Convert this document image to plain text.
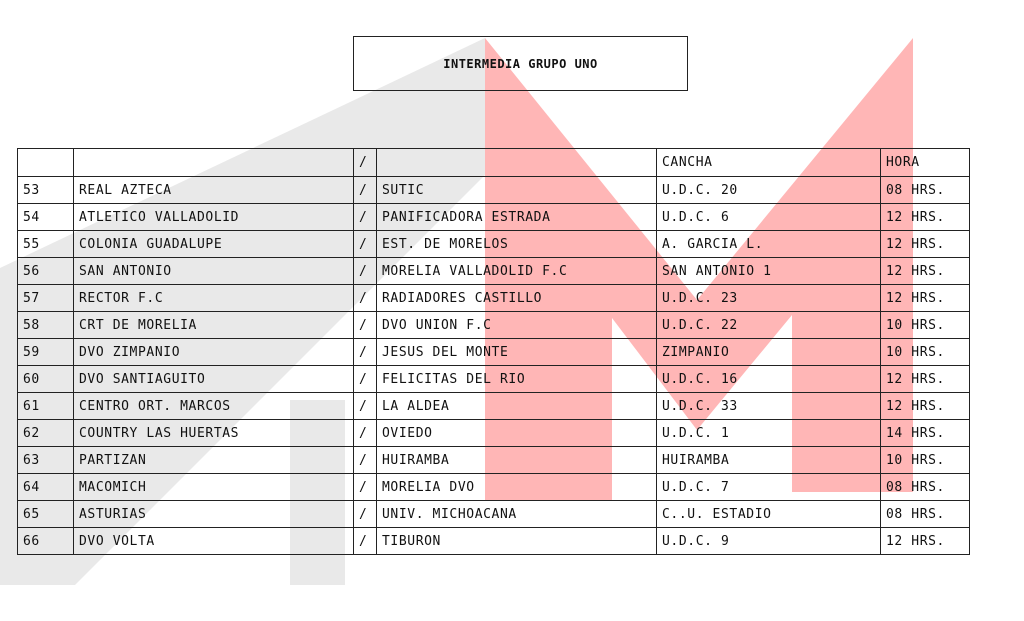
INTERMEDIA GRUPO UNO
		/		CANCHA	HORA
53	REAL AZTECA	/	SUTIC	U.D.C. 20	08 HRS.
54	ATLETICO VALLADOLID	/	PANIFICADORA ESTRADA	U.D.C. 6	12 HRS.
55	COLONIA GUADALUPE	/	EST. DE MORELOS	A. GARCIA L.	12 HRS.
56	SAN ANTONIO	/	MORELIA VALLADOLID F.C	SAN ANTONIO 1	12 HRS.
57	RECTOR F.C	/	RADIADORES CASTILLO	U.D.C. 23	12 HRS.
58	CRT DE MORELIA	/	DVO UNION F.C	U.D.C. 22	10 HRS.
59	DVO ZIMPANIO	/	JESUS DEL MONTE	ZIMPANIO	10 HRS.
60	DVO SANTIAGUITO	/	FELICITAS DEL RIO	U.D.C. 16	12 HRS.
61	CENTRO ORT. MARCOS	/	LA ALDEA	U.D.C. 33	12 HRS.
62	COUNTRY LAS HUERTAS	/	OVIEDO	U.D.C. 1	14 HRS.
63	PARTIZAN	/	HUIRAMBA	HUIRAMBA	10 HRS.
64	MACOMICH	/	MORELIA DVO	U.D.C. 7	08 HRS.
65	ASTURIAS	/	UNIV. MICHOACANA	C..U. ESTADIO	08 HRS.
66	DVO VOLTA	/	TIBURON	U.D.C. 9	12 HRS.
